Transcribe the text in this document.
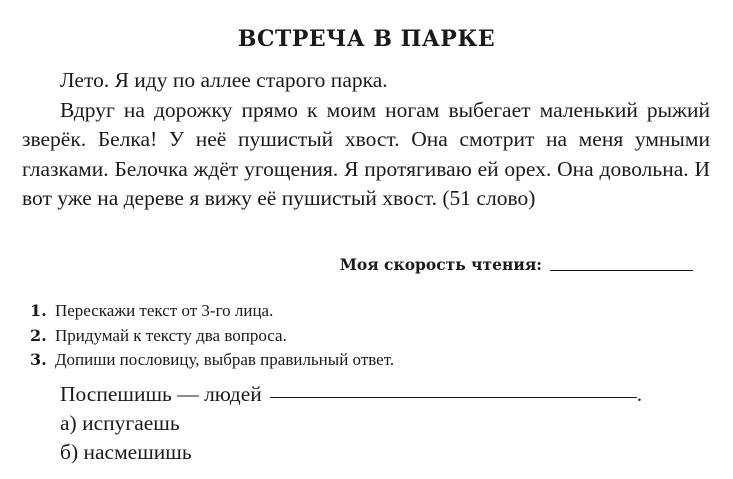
ВСТРЕЧА В ПАРКЕ

Лето. Я иду по аллее старого парка.

Вдруг на дорожку прямо к моим ногам выбегает маленький рыжий зверёк. Белка! У неё пушистый хвост. Она смотрит на меня умными глазками. Белочка ждёт угощения. Я протягиваю ей орех. Она довольна. И вот уже на дереве я вижу её пушистый хвост. (51 слово)

Моя скорость чтения:
1. Перескажи текст от 3-го лица.
2. Придумай к тексту два вопроса.
3. Допиши пословицу, выбрав правильный ответ.
Поспешишь — людей	.
а) испугаешь
б) насмешишь
